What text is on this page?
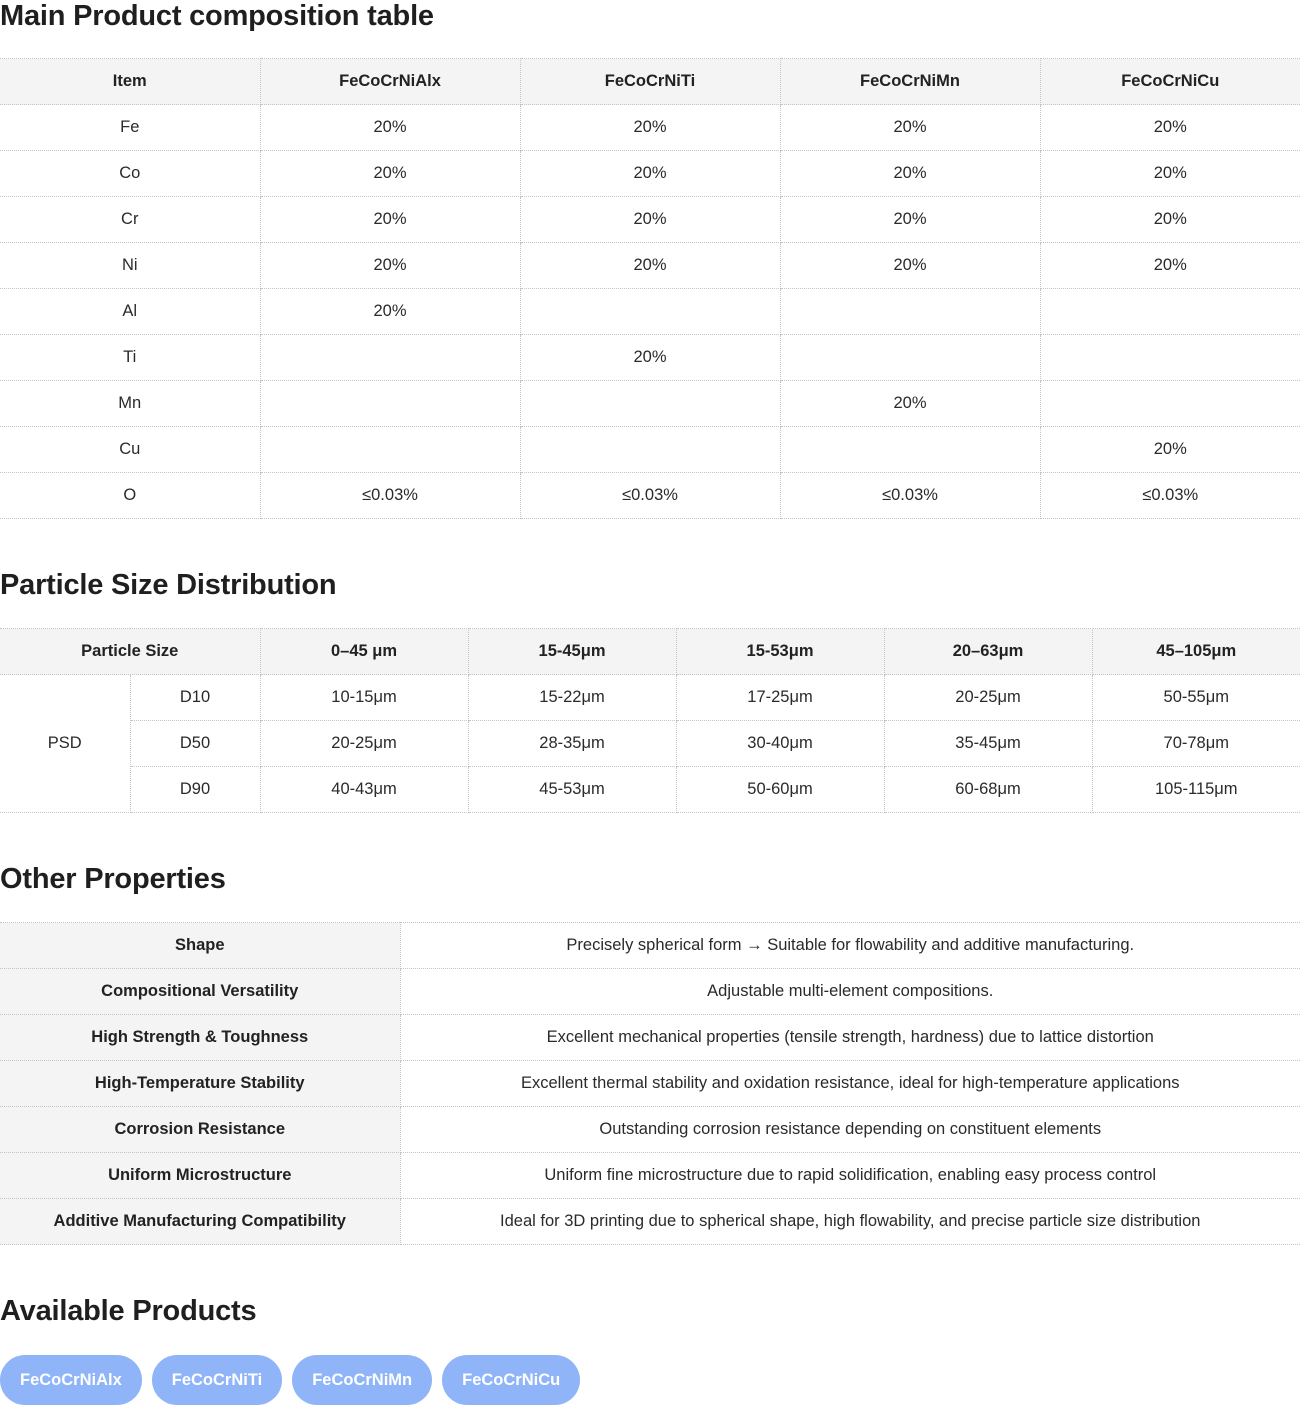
Main Product composition table
Item	FeCoCrNiAlx	FeCoCrNiTi	FeCoCrNiMn	FeCoCrNiCu
Fe	20%	20%	20%	20%
Co	20%	20%	20%	20%
Cr	20%	20%	20%	20%
Ni	20%	20%	20%	20%
Al	20%			
Ti		20%		
Mn			20%	
Cu				20%
O	≤0.03%	≤0.03%	≤0.03%	≤0.03%
Particle Size Distribution
Particle Size		0–45 μm	15-45μm	15-53μm	20–63μm	45–105μm
PSD	D10	10-15μm	15-22μm	17-25μm	20-25μm	50-55μm
	D50	20-25μm	28-35μm	30-40μm	35-45μm	70-78μm
	D90	40-43μm	45-53μm	50-60μm	60-68μm	105-115μm
Other Properties
Shape	Precisely spherical form → Suitable for flowability and additive manufacturing.
Compositional Versatility	Adjustable multi-element compositions.
High Strength & Toughness	Excellent mechanical properties (tensile strength, hardness) due to lattice distortion
High-Temperature Stability	Excellent thermal stability and oxidation resistance, ideal for high-temperature applications
Corrosion Resistance	Outstanding corrosion resistance depending on constituent elements
Uniform Microstructure	Uniform fine microstructure due to rapid solidification, enabling easy process control
Additive Manufacturing Compatibility	Ideal for 3D printing due to spherical shape, high flowability, and precise particle size distribution
Available Products
FeCoCrNiAlx	FeCoCrNiTi	FeCoCrNiMn	FeCoCrNiCu
